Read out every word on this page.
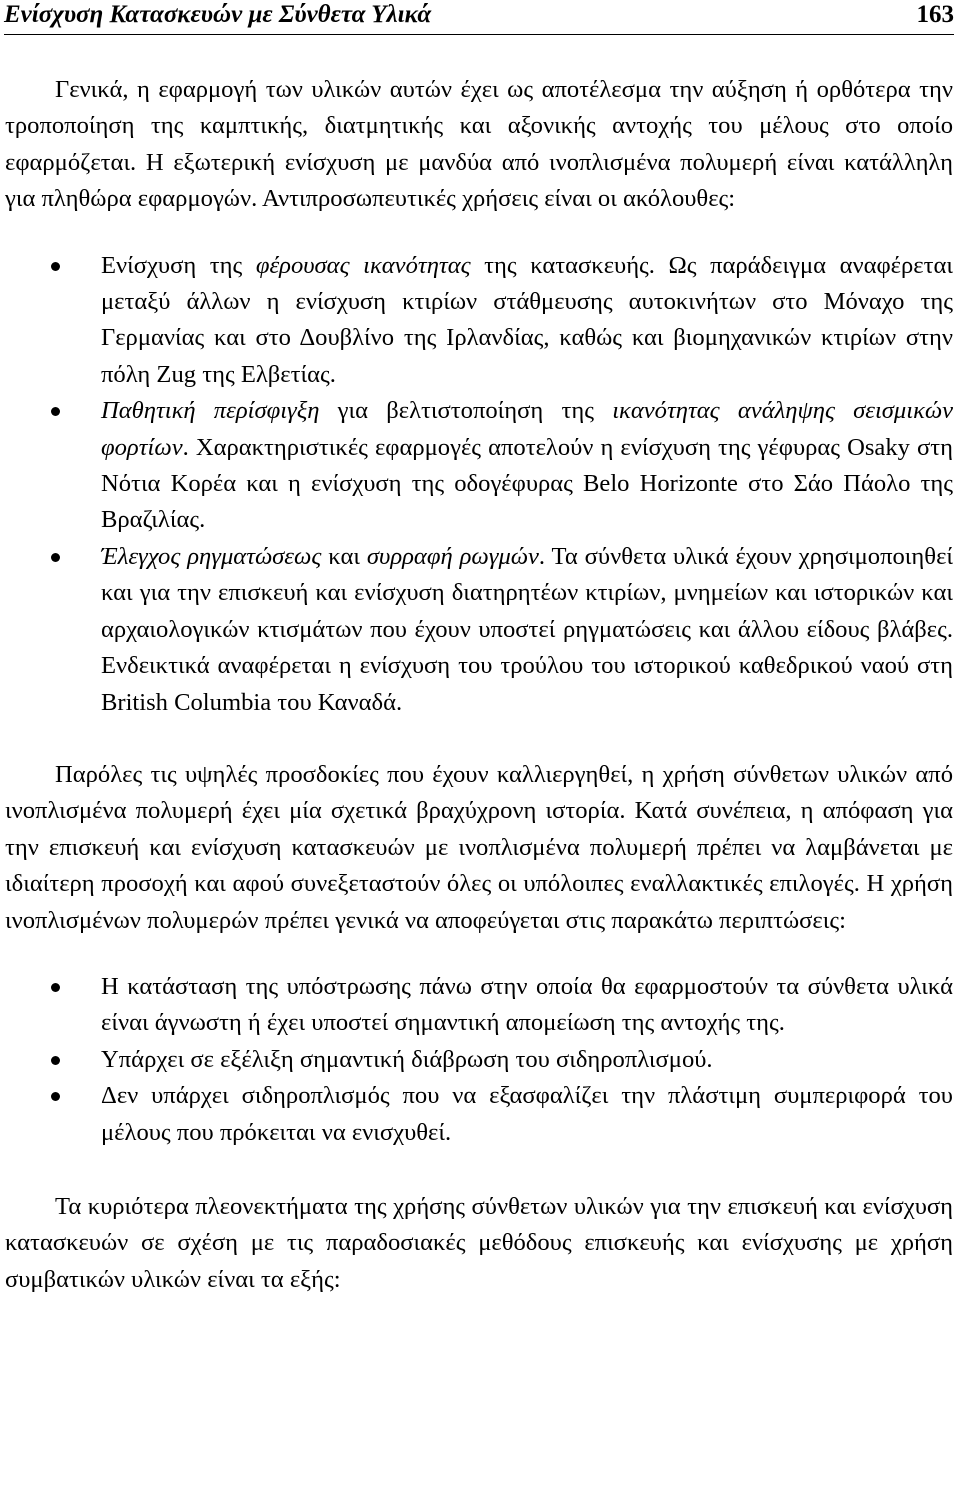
Ενίσχυση Κατασκευών με Σύνθετα Υλικά	163

Γενικά, η εφαρμογή των υλικών αυτών έχει ως αποτέλεσμα την αύξηση ή ορθότερα την τροποποίηση της καμπτικής, διατμητικής και αξονικής αντοχής του μέλους στο οποίο εφαρμόζεται. Η εξωτερική ενίσχυση με μανδύα από ινοπλισμένα πολυμερή είναι κατάλληλη για πληθώρα εφαρμογών. Αντιπροσωπευτικές χρήσεις είναι οι ακόλουθες:

Ενίσχυση της φέρουσας ικανότητας της κατασκευής. Ως παράδειγμα αναφέρεται μεταξύ άλλων η ενίσχυση κτιρίων στάθμευσης αυτοκινήτων στο Μόναχο της Γερμανίας και στο Δουβλίνο της Ιρλανδίας, καθώς και βιομηχανικών κτιρίων στην πόλη Zug της Ελβετίας.
Παθητική περίσφιγξη για βελτιστοποίηση της ικανότητας ανάληψης σεισμικών φορτίων. Χαρακτηριστικές εφαρμογές αποτελούν η ενίσχυση της γέφυρας Osaky στη Νότια Κορέα και η ενίσχυση της οδογέφυρας Belo Horizonte στο Σάο Πάολο της Βραζιλίας.
Έλεγχος ρηγματώσεως και συρραφή ρωγμών. Τα σύνθετα υλικά έχουν χρησιμοποιηθεί και για την επισκευή και ενίσχυση διατηρητέων κτιρίων, μνημείων και ιστορικών και αρχαιολογικών κτισμάτων που έχουν υποστεί ρηγματώσεις και άλλου είδους βλάβες. Ενδεικτικά αναφέρεται η ενίσχυση του τρούλου του ιστορικού καθεδρικού ναού στη British Columbia του Καναδά.

Παρόλες τις υψηλές προσδοκίες που έχουν καλλιεργηθεί, η χρήση σύνθετων υλικών από ινοπλισμένα πολυμερή έχει μία σχετικά βραχύχρονη ιστορία. Κατά συνέπεια, η απόφαση για την επισκευή και ενίσχυση κατασκευών με ινοπλισμένα πολυμερή πρέπει να λαμβάνεται με ιδιαίτερη προσοχή και αφού συνεξεταστούν όλες οι υπόλοιπες εναλλακτικές επιλογές. Η χρήση ινοπλισμένων πολυμερών πρέπει γενικά να αποφεύγεται στις παρακάτω περιπτώσεις:

Η κατάσταση της υπόστρωσης πάνω στην οποία θα εφαρμοστούν τα σύνθετα υλικά είναι άγνωστη ή έχει υποστεί σημαντική απομείωση της αντοχής της.
Υπάρχει σε εξέλιξη σημαντική διάβρωση του σιδηροπλισμού.
Δεν υπάρχει σιδηροπλισμός που να εξασφαλίζει την πλάστιμη συμπεριφορά του μέλους που πρόκειται να ενισχυθεί.

Τα κυριότερα πλεονεκτήματα της χρήσης σύνθετων υλικών για την επισκευή και ενίσχυση κατασκευών σε σχέση με τις παραδοσιακές μεθόδους επισκευής και ενίσχυσης με χρήση συμβατικών υλικών είναι τα εξής:
